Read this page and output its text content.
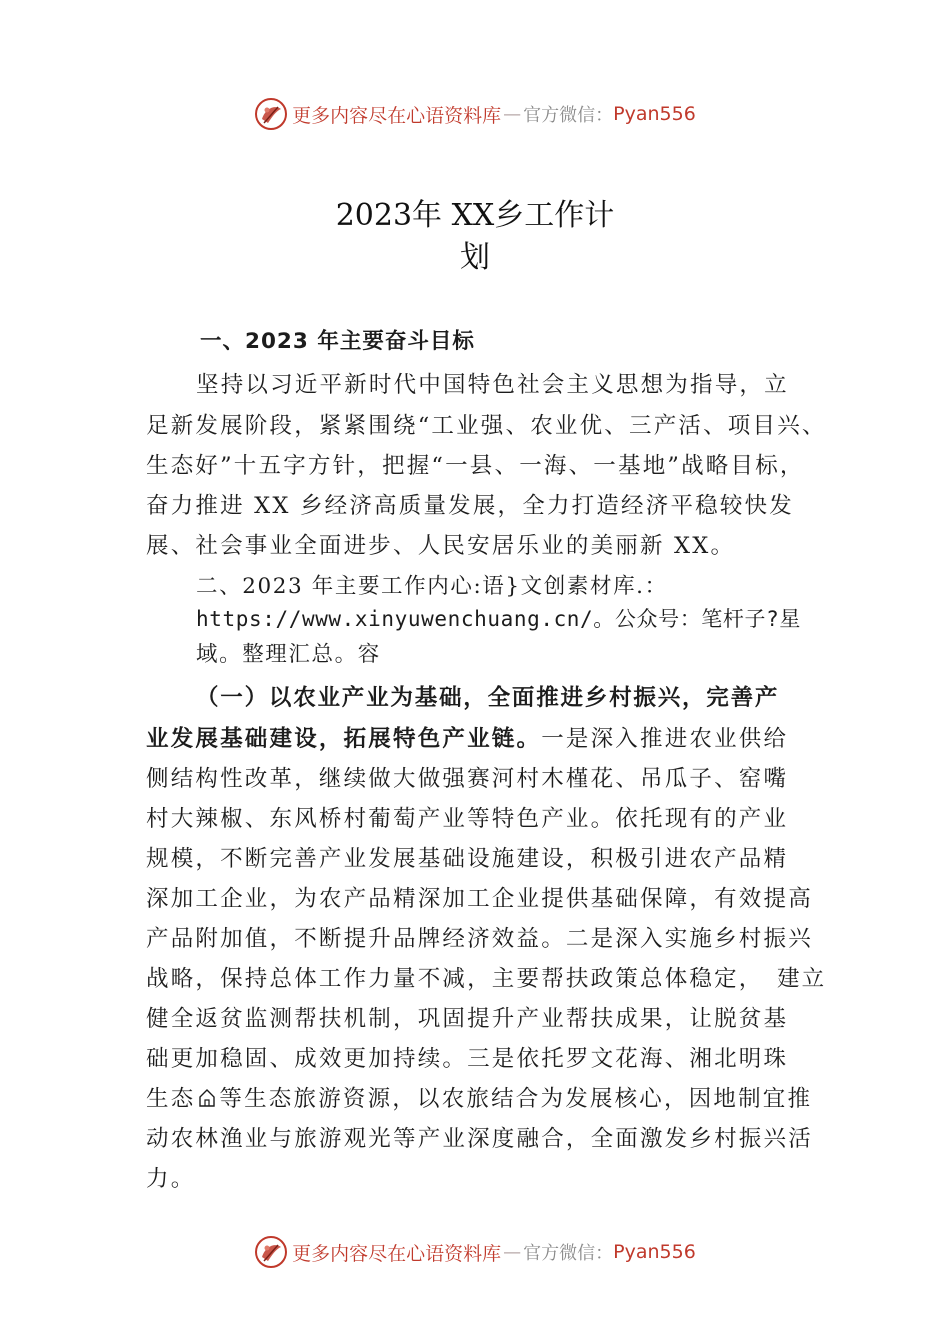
更多内容尽在心语资料库 — 官方微信： Pyan556
2023年 XX乡工作计
划
一、2023 年主要奋斗目标
坚持以习近平新时代中国特色社会主义思想为指导，立
足新发展阶段，紧紧围绕“工业强、农业优、三产活、项目兴、
生态好”十五字方针，把握“一县、一海、一基地”战略目标，
奋力推进 XX 乡经济高质量发展，全力打造经济平稳较快发
展、社会事业全面进步、人民安居乐业的美丽新 XX。
二、2023 年主要工作内心:语}文创素材库.：
https://www.xinyuwenchuang.cn/。公众号：笔杆子?星
域。整理汇总。容
（一）以农业产业为基础，全面推进乡村振兴，完善产
业发展基础建设，拓展特色产业链。一是深入推进农业供给
侧结构性改革，继续做大做强赛河村木槿花、吊瓜子、窑嘴
村大辣椒、东风桥村葡萄产业等特色产业。依托现有的产业
规模，不断完善产业发展基础设施建设，积极引进农产品精
深加工企业，为农产品精深加工企业提供基础保障，有效提高
产品附加值，不断提升品牌经济效益。二是深入实施乡村振兴
战略，保持总体工作力量不减，主要帮扶政策总体稳定，　建立
健全返贫监测帮扶机制，巩固提升产业帮扶成果，让脱贫基
础更加稳固、成效更加持续。三是依托罗文花海、湘北明珠
生态 等生态旅游资源，以农旅结合为发展核心，因地制宜推
动农林渔业与旅游观光等产业深度融合，全面激发乡村振兴活
力。
更多内容尽在心语资料库 — 官方微信： Pyan556
